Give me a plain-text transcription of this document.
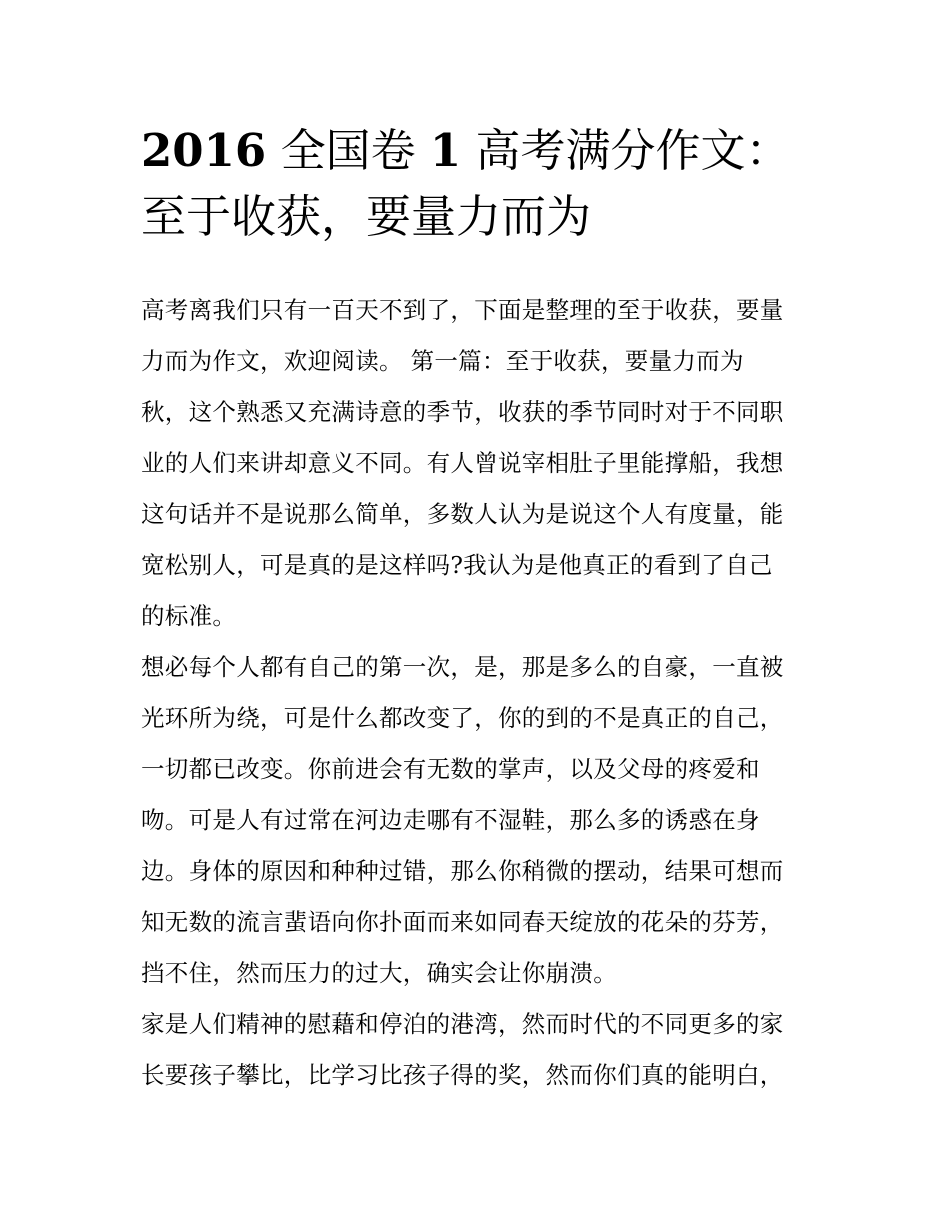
2016 全国卷 1 高考满分作文：
至于收获，要量力而为
高考离我们只有一百天不到了，下面是整理的至于收获，要量
力而为作文，欢迎阅读。 第一篇：至于收获，要量力而为
秋，这个熟悉又充满诗意的季节，收获的季节同时对于不同职
业的人们来讲却意义不同。有人曾说宰相肚子里能撑船，我想
这句话并不是说那么简单，多数人认为是说这个人有度量，能
宽松别人，可是真的是这样吗?我认为是他真正的看到了自己
的标准。
想必每个人都有自己的第一次，是，那是多么的自豪，一直被
光环所为绕，可是什么都改变了，你的到的不是真正的自己，
一切都已改变。你前进会有无数的掌声，以及父母的疼爱和
吻。可是人有过常在河边走哪有不湿鞋，那么多的诱惑在身
边。身体的原因和种种过错，那么你稍微的摆动，结果可想而
知无数的流言蜚语向你扑面而来如同春天绽放的花朵的芬芳，
挡不住，然而压力的过大，确实会让你崩溃。
家是人们精神的慰藉和停泊的港湾，然而时代的不同更多的家
长要孩子攀比，比学习比孩子得的奖，然而你们真的能明白，
